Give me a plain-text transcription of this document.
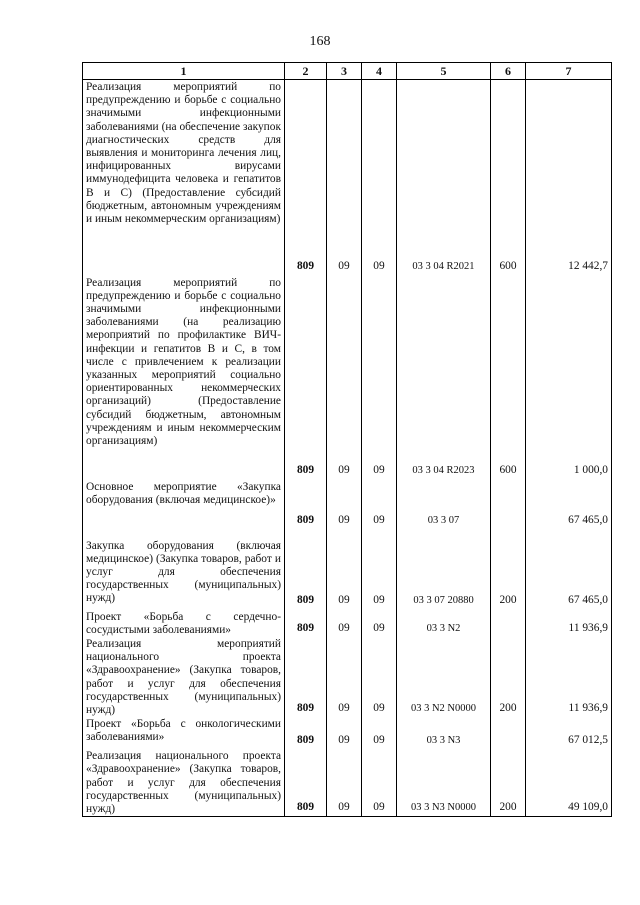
168
1	2	3	4	5	6	7

Реализация мероприятий по предупреждению и борьбе с социально значимыми инфекционными заболеваниями (на обеспечение закупок диагностических средств для выявления и мониторинга лечения лиц, инфицированных вирусами иммунодефицита человека и гепатитов В и С) (Предоставление субсидий бюджетным, автономным учреждениям и иным некоммерческим организациям)	809	09	09	03 3 04 R2021	600	12 442,7

Реализация мероприятий по предупреждению и борьбе с социально значимыми инфекционными заболеваниями (на реализацию мероприятий по профилактике ВИЧ-инфекции и гепатитов В и С, в том числе с привлечением к реализации указанных мероприятий социально ориентированных некоммерческих организаций) (Предоставление субсидий бюджетным, автономным учреждениям и иным некоммерческим организациям)	809	09	09	03 3 04 R2023	600	1 000,0

Основное мероприятие «Закупка оборудования (включая медицинское)»	809	09	09	03 3 07		67 465,0

Закупка оборудования (включая медицинское) (Закупка товаров, работ и услуг для обеспечения государственных (муниципальных) нужд)	809	09	09	03 3 07 20880	200	67 465,0

Проект «Борьба с сердечно-сосудистыми заболеваниями»	809	09	09	03 3 N2		11 936,9

Реализация мероприятий национального проекта «Здравоохранение» (Закупка товаров, работ и услуг для обеспечения государственных (муниципальных) нужд)	809	09	09	03 3 N2 N0000	200	11 936,9

Проект «Борьба с онкологическими заболеваниями»	809	09	09	03 3 N3		67 012,5

Реализация национального проекта «Здравоохранение» (Закупка товаров, работ и услуг для обеспечения государственных (муниципальных) нужд)	809	09	09	03 3 N3 N0000	200	49 109,0
